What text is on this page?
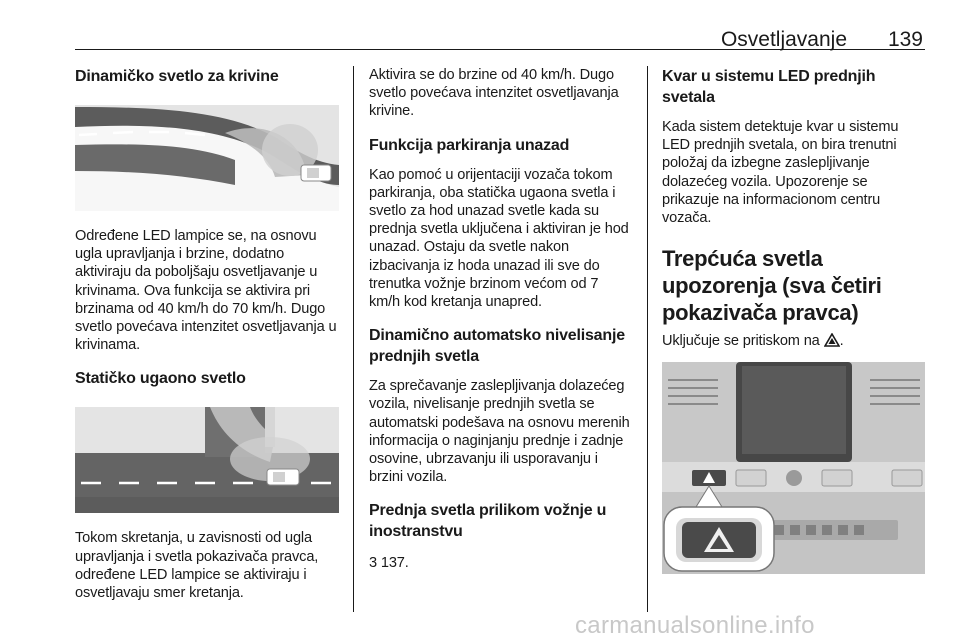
Osvetljavanje 139
Dinamičko svetlo za krivine

Određene LED lampice se, na osnovu ugla upravljanja i brzine, dodatno aktiviraju da poboljšaju osvetljavanje u krivinama. Ova funkcija se aktivira pri brzinama od 40 km/h do 70 km/h. Dugo svetlo povećava intenzitet osvetljavanja u krivinama.

Statičko ugaono svetlo

Tokom skretanja, u zavisnosti od ugla upravljanja i svetla pokazivača pravca, određene LED lampice se aktiviraju i osvetljavaju smer kretanja.

Aktivira se do brzine od 40 km/h. Dugo svetlo povećava intenzitet osvetljavanja krivine.

Funkcija parkiranja unazad

Kao pomoć u orijentaciji vozača tokom parkiranja, oba statička ugaona svetla i svetlo za hod unazad svetle kada su prednja svetla uključena i aktiviran je hod unazad. Ostaju da svetle nakon izbacivanja iz hoda unazad ili sve do trenutka vožnje brzinom većom od 7 km/h kod kretanja unapred.

Dinamično automatsko nivelisanje prednjih svetla

Za sprečavanje zaslepljivanja dolazećeg vozila, nivelisanje prednjih svetla se automatski podešava na osnovu merenih informacija o naginjanju prednje i zadnje osovine, ubrzavanju ili usporavanju i brzini vozila.

Prednja svetla prilikom vožnje u inostranstvu

3 137.

Kvar u sistemu LED prednjih svetala

Kada sistem detektuje kvar u sistemu LED prednjih svetala, on bira trenutni položaj da izbegne zaslepljivanje dolazećeg vozila. Upozorenje se prikazuje na informacionom centru vozača.

Trepćuća svetla upozorenja (sva četiri pokazivača pravca)

Uključuje se pritiskom na .

carmanualsonline.info
